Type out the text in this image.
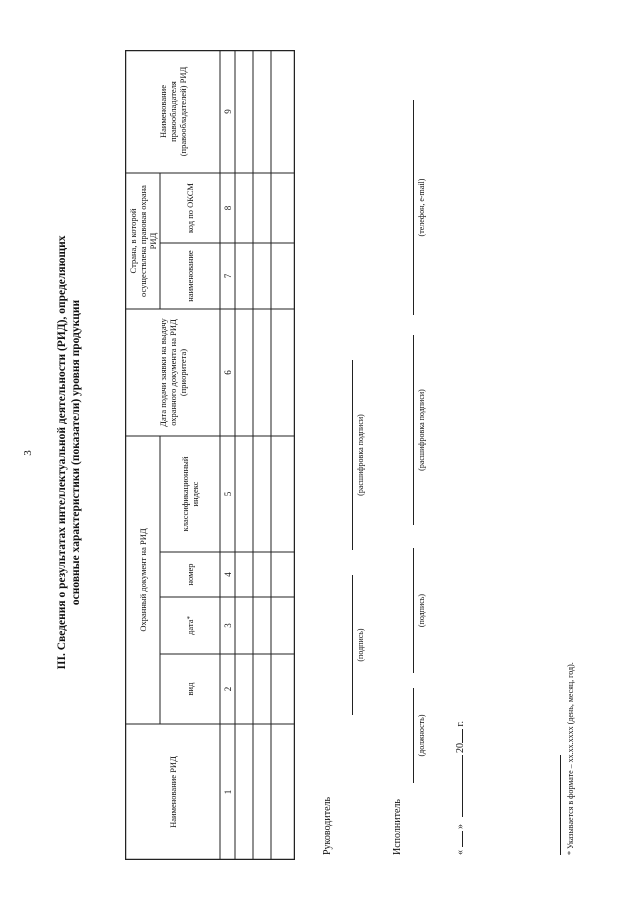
3 III. Сведения о результатах интеллектуальной деятельности (РИД), определяющих основные характеристики (показатели) уровня продукции
Наименование РИД
Охранный документ на РИД
вид
дата
*
номер
классификационный индекс
Дата подачи заявки на выдачу охранного документа на РИД (приоритета)
Страна, в которой осуществлена правовая охрана РИД
наименование
код по ОКСМ
Наименование правообладателя (правообладателей) РИД
1
2
3
4
5
6
7
8
9
Руководитель
(подпись)
(расшифровка подписи)
Исполнитель
(должность)
(подпись)
(расшифровка подписи)
(телефон, e-mail)
«  »  20 г.	* Указывается в формате – хх.хх.хххх (день, месяц, год).
